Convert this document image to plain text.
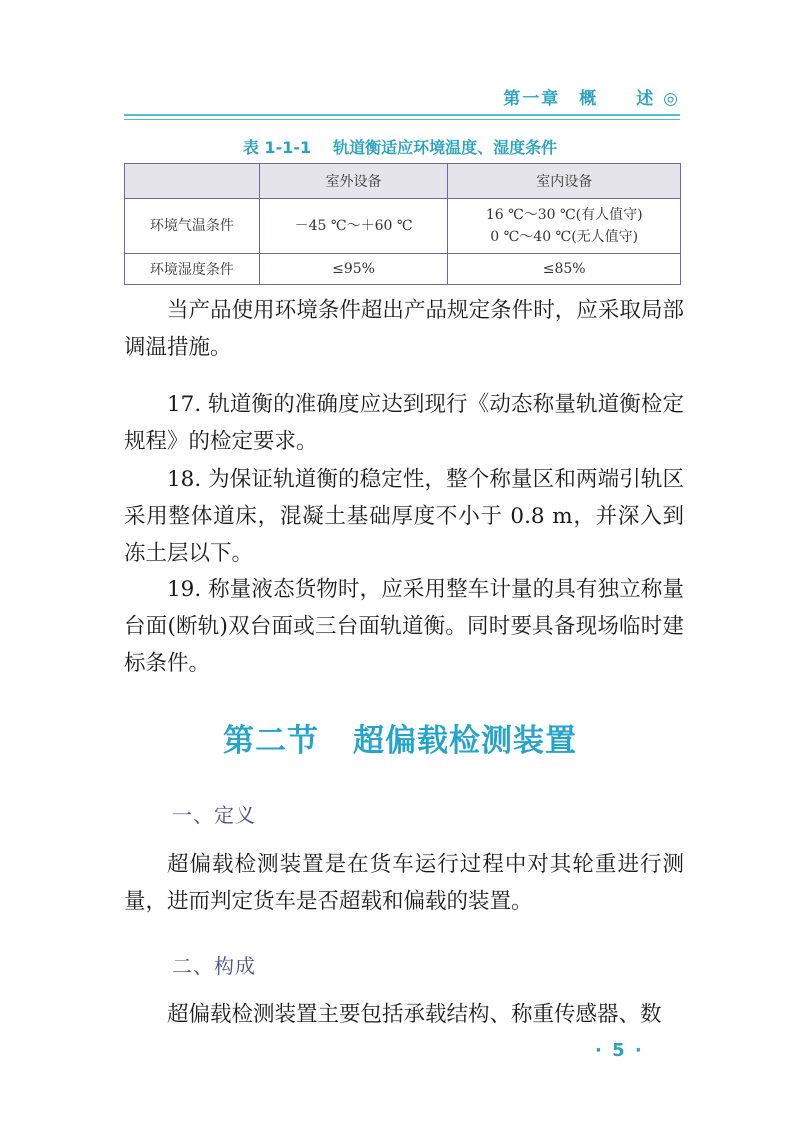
第一章　概　　述 ◎
表 1-1-1 轨道衡适应环境温度、湿度条件
	室外设备	室内设备
环境气温条件	－45 ℃～＋60 ℃	16 ℃～30 ℃(有人值守)
0 ℃～40 ℃(无人值守)

环境湿度条件	≤95%	≤85%

当产品使用环境条件超出产品规定条件时，应采取局部调温措施。

17. 轨道衡的准确度应达到现行《动态称量轨道衡检定规程》的检定要求。

18. 为保证轨道衡的稳定性，整个称量区和两端引轨区采用整体道床，混凝土基础厚度不小于 0.8 m，并深入到冻土层以下。

19. 称量液态货物时，应采用整车计量的具有独立称量台面(断轨)双台面或三台面轨道衡。同时要具备现场临时建标条件。

第二节 超偏载检测装置
一、定义

超偏载检测装置是在货车运行过程中对其轮重进行测量，进而判定货车是否超载和偏载的装置。

二、构成

超偏载检测装置主要包括承载结构、称重传感器、数

· 5 ·
